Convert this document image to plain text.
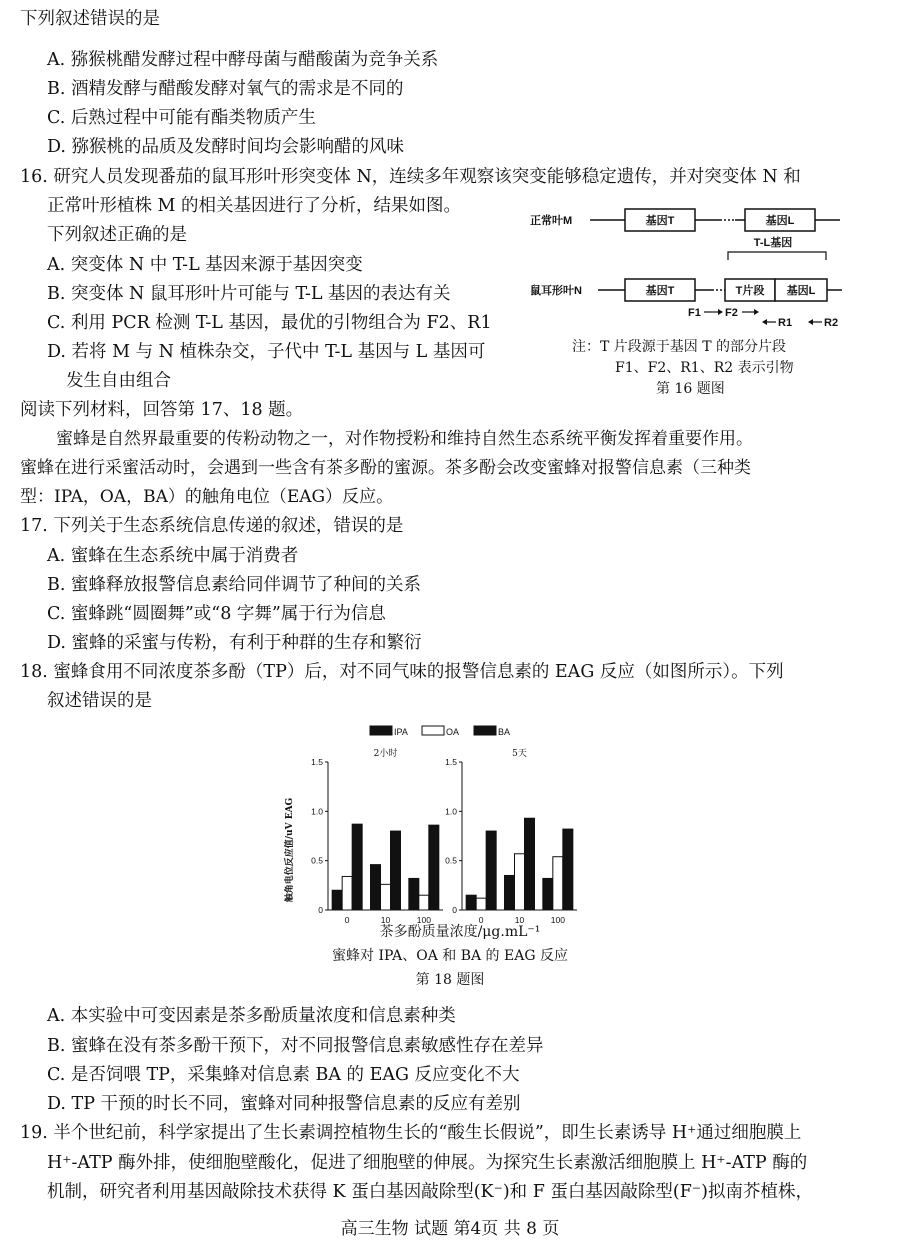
下列叙述错误的是
A. 猕猴桃醋发酵过程中酵母菌与醋酸菌为竞争关系
B. 酒精发酵与醋酸发酵对氧气的需求是不同的
C. 后熟过程中可能有酯类物质产生
D. 猕猴桃的品质及发酵时间均会影响醋的风味
16. 研究人员发现番茄的鼠耳形叶形突变体 N，连续多年观察该突变能够稳定遗传，并对突变体 N 和
正常叶形植株 M 的相关基因进行了分析，结果如图。
下列叙述正确的是
A. 突变体 N 中 T-L 基因来源于基因突变
B. 突变体 N 鼠耳形叶片可能与 T-L 基因的表达有关
C. 利用 PCR 检测 T-L 基因，最优的引物组合为 F2、R1
D. 若将 M 与 N 植株杂交，子代中 T-L 基因与 L 基因可
发生自由组合
正常叶M	基因T	基因L
T-L基因
鼠耳形叶N	基因T	T片段 基因L
F1 F2
R1	R2
注：T 片段源于基因 T 的部分片段
F1、F2、R1、R2 表示引物
第 16 题图
阅读下列材料，回答第 17、18 题。
蜜蜂是自然界最重要的传粉动物之一，对作物授粉和维持自然生态系统平衡发挥着重要作用。
蜜蜂在进行采蜜活动时，会遇到一些含有茶多酚的蜜源。茶多酚会改变蜜蜂对报警信息素（三种类
型：IPA，OA，BA）的触角电位（EAG）反应。
17. 下列关于生态系统信息传递的叙述，错误的是
A. 蜜蜂在生态系统中属于消费者
B. 蜜蜂释放报警信息素给同伴调节了种间的关系
C. 蜜蜂跳“圆圈舞”或“8 字舞”属于行为信息
D. 蜜蜂的采蜜与传粉，有利于种群的生存和繁衍
18. 蜜蜂食用不同浓度茶多酚（TP）后，对不同气味的报警信息素的 EAG 反应（如图所示）。下列
叙述错误的是
IPA	OA	BA
触角电位反应值/uV EAG
2小时
0
0.5
1.0
1.5
0	10	100
5天
0
0.5
1.0
1.5
0	10	100
茶多酚质量浓度/μg.mL⁻¹
蜜蜂对 IPA、OA 和 BA 的 EAG 反应
第 18 题图
A. 本实验中可变因素是茶多酚质量浓度和信息素种类
B. 蜜蜂在没有茶多酚干预下，对不同报警信息素敏感性存在差异
C. 是否饲喂 TP，采集蜂对信息素 BA 的 EAG 反应变化不大
D. TP 干预的时长不同，蜜蜂对同种报警信息素的反应有差别
19. 半个世纪前，科学家提出了生长素调控植物生长的“酸生长假说”，即生长素诱导 H⁺通过细胞膜上
H⁺-ATP 酶外排，使细胞壁酸化，促进了细胞壁的伸展。为探究生长素激活细胞膜上 H⁺-ATP 酶的
机制，研究者利用基因敲除技术获得 K 蛋白基因敲除型(K⁻)和 F 蛋白基因敲除型(F⁻)拟南芥植株，
高三生物 试题 第4页 共 8 页
